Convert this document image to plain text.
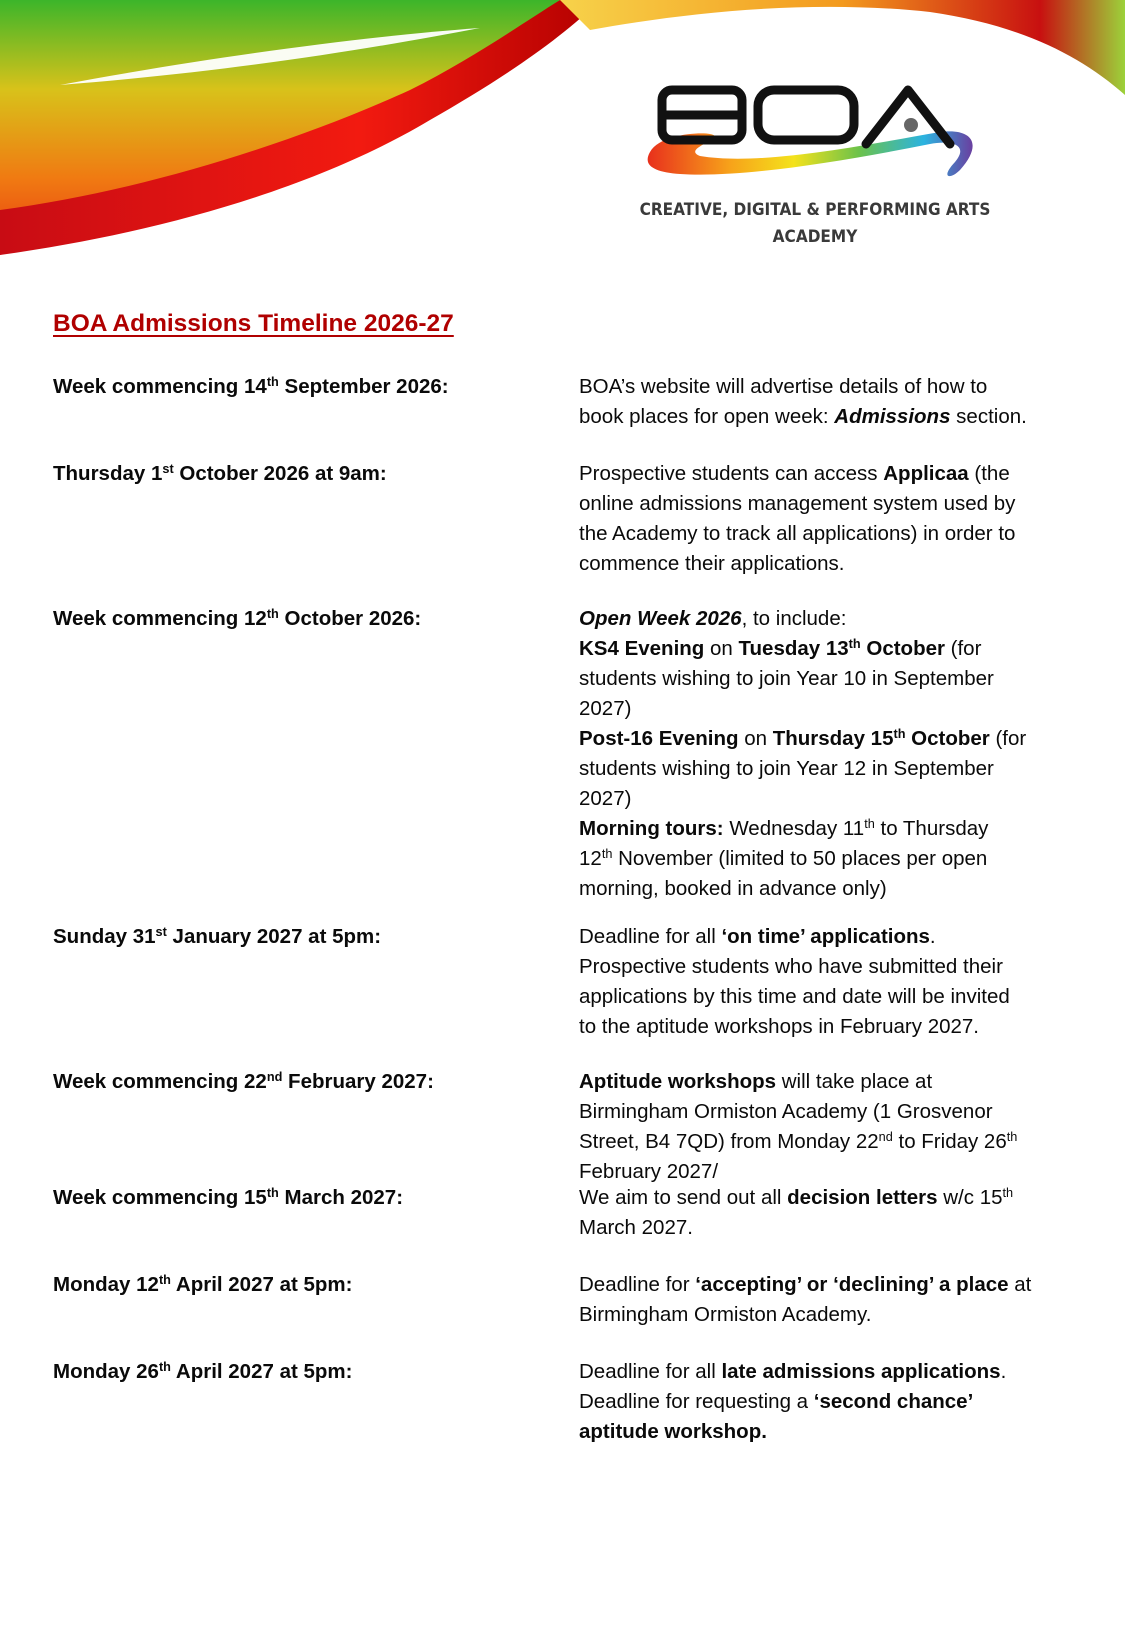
CREATIVE, DIGITAL & PERFORMING ARTS
ACADEMY
BOA Admissions Timeline 2026-27
Week commencing 14th September 2026:	BOA’s website will advertise details of how to
book places for open week: Admissions section.
Thursday 1st October 2026 at 9am:	Prospective students can access Applicaa (the
online admissions management system used by
the Academy to track all applications) in order to
commence their applications.
Week commencing 12th October 2026:	Open Week 2026, to include:
KS4 Evening on Tuesday 13th October (for
students wishing to join Year 10 in September
2027)
Post-16 Evening on Thursday 15th October (for
students wishing to join Year 12 in September
2027)
Morning tours: Wednesday 11th to Thursday
12th November (limited to 50 places per open
morning, booked in advance only)
Sunday 31st January 2027 at 5pm:	Deadline for all ‘on time’ applications.
Prospective students who have submitted their
applications by this time and date will be invited
to the aptitude workshops in February 2027.
Week commencing 22nd February 2027:	Aptitude workshops will take place at
Birmingham Ormiston Academy (1 Grosvenor
Street, B4 7QD) from Monday 22nd to Friday 26th
February 2027/
Week commencing 15th March 2027:	We aim to send out all decision letters w/c 15th
March 2027.
Monday 12th April 2027 at 5pm:	Deadline for ‘accepting’ or ‘declining’ a place at
Birmingham Ormiston Academy.
Monday 26th April 2027 at 5pm:	Deadline for all late admissions applications.
Deadline for requesting a ‘second chance’
aptitude workshop.
